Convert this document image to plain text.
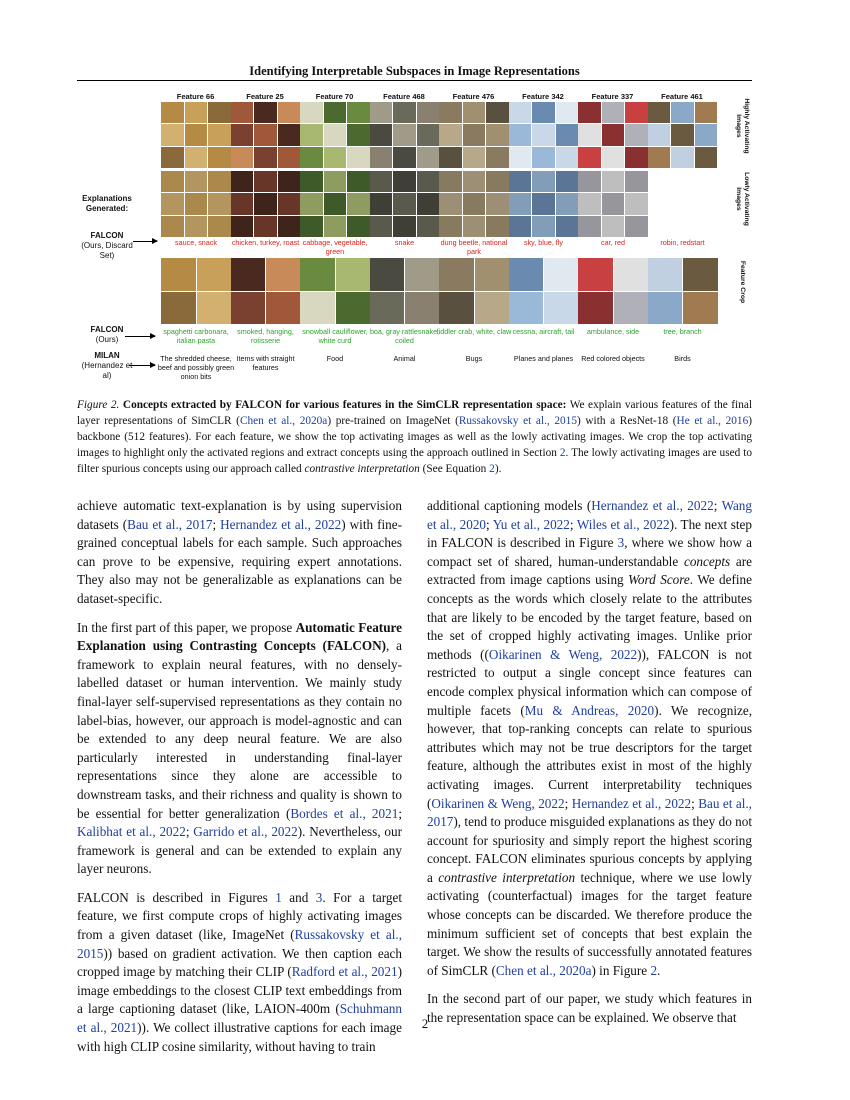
Identifying Interpretable Subspaces in Image Representations
Explanations Generated:
FALCON
(Ours, Discard Set)
FALCON
(Ours)
MILAN
(Hernandez et al)
Highly Activating Images
Lowly Activating Images
Feature Crop
Feature 66
sauce, snack
spaghetti carbonara, italian pasta
The shredded cheese, beef and possibly green onion bits
Feature 25
chicken, turkey, roast
smoked, hanging, rotisserie
Items with straight features
Feature 70
cabbage, vegetable, green
snowball cauliflower, white curd
Food
Feature 468
snake
boa, gray rattlesnake, coiled
Animal
Feature 476
dung beetle, national park
fiddler crab, white, claw
Bugs
Feature 342
sky, blue, fly
cessna, aircraft, tail
Planes and planes
Feature 337
car, red
ambulance, side
Red colored objects
Feature 461
robin, redstart
tree, branch
Birds
Figure 2. Concepts extracted by FALCON for various features in the SimCLR representation space: We explain various features of the final layer representations of SimCLR (Chen et al., 2020a) pre-trained on ImageNet (Russakovsky et al., 2015) with a ResNet-18 (He et al., 2016) backbone (512 features). For each feature, we show the top activating images as well as the lowly activating images. We crop the top activating images to highlight only the activated regions and extract concepts using the approach outlined in Section 2. The lowly activating images are used to filter spurious concepts using our approach called contrastive interpretation (See Equation 2).

achieve automatic text-explanation is by using supervision datasets (Bau et al., 2017; Hernandez et al., 2022) with fine-grained conceptual labels for each sample. Such approaches can prove to be expensive, requiring expert annotations. They also may not be generalizable as explanations can be dataset-specific.

In the first part of this paper, we propose Automatic Feature Explanation using Contrasting Concepts (FALCON), a framework to explain neural features, with no densely-labelled dataset or human intervention. We mainly study final-layer self-supervised representations as they contain no label-bias, however, our approach is model-agnostic and can be extended to any deep neural feature. We are also particularly interested in understanding final-layer representations since they alone are accessible to downstream tasks, and their richness and quality is shown to be essential for better generalization (Bordes et al., 2021; Kalibhat et al., 2022; Garrido et al., 2022). Nevertheless, our framework is general and can be extended to explain any layer neurons.

FALCON is described in Figures 1 and 3. For a target feature, we first compute crops of highly activating images from a given dataset (like, ImageNet (Russakovsky et al., 2015)) based on gradient activation. We then caption each cropped image by matching their CLIP (Radford et al., 2021) image embeddings to the closest CLIP text embeddings from a large captioning dataset (like, LAION-400m (Schuhmann et al., 2021)). We collect illustrative captions for each image with high CLIP cosine similarity, without having to train

additional captioning models (Hernandez et al., 2022; Wang et al., 2020; Yu et al., 2022; Wiles et al., 2022). The next step in FALCON is described in Figure 3, where we show how a compact set of shared, human-understandable concepts are extracted from image captions using Word Score. We define concepts as the words which closely relate to the attributes that are likely to be encoded by the target feature, based on the set of cropped highly activating images. Unlike prior methods ((Oikarinen & Weng, 2022)), FALCON is not restricted to output a single concept since features can encode complex physical information which can compose of multiple facets (Mu & Andreas, 2020). We recognize, however, that top-ranking concepts can relate to spurious attributes which may not be true descriptors for the target feature, although the attributes exist in most of the highly activating images. Current interpretability techniques (Oikarinen & Weng, 2022; Hernandez et al., 2022; Bau et al., 2017), tend to produce misguided explanations as they do not account for spuriosity and simply report the highest scoring concept. FALCON eliminates spurious concepts by applying a contrastive interpretation technique, where we use lowly activating (counterfactual) images for the target feature whose concepts can be discarded. We therefore produce the minimum sufficient set of concepts that best explain the target. We show the results of successfully annotated features of SimCLR (Chen et al., 2020a) in Figure 2.

In the second part of our paper, we study which features in the representation space can be explained. We observe that

2
